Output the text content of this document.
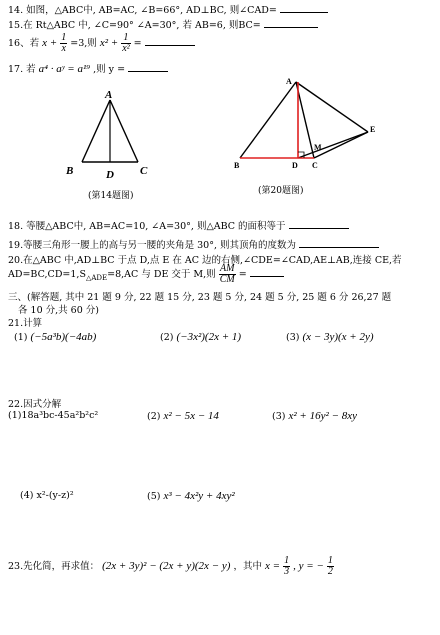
14. 如图，△ABC中, AB=AC, ∠B=66°, AD⊥BC, 则∠CAD=
15.在 Rt△ABC 中, ∠C=90° ∠A=30°, 若 AB=6, 则BC=
16、若 $x + \frac{1}{x} =3$,则 $x^2 + \frac{1}{\text{x²}}$ =
17. 若 a⁴ · aʸ = a¹⁹ ,则 y =
A
B	D C
(第14题图)
A
B	D C
M
E
(第20题图)
18. 等腰△ABC中, AB=AC=10, ∠A=30°, 则△ABC 的面积等于
19.等腰三角形一腰上的高与另一腰的夹角是 30°, 则其顶角的度数为
20.在△ABC 中,AD⊥BC 于点 D,点 E 在 AC 边的右侧,∠CDE=∠CAD,AE⊥AB,连接 CE,若
$AD=BC,CD=1,S_{\triangle ADE}=8,AC$ 与 DE 交于 M,则 $\frac{AM}{CM}$ =
三、(解答题, 其中 21 题 9 分, 22 题 15 分, 23 题 5 分, 24 题 5 分, 25 题 6 分 26,27 题
各 10 分,共 60 分)
21.计算
(1) (−5a³b)(−4ab)	(2) (−3x²)(2x + 1)	(3) (x − 3y)(x + 2y)
22.因式分解
(1)18a³bc-45a²b²c²	(2) x² − 5x − 14	(3) x² + 16y² − 8xy
(4) x²-(y-z)²	(5) x³ − 4x²y + 4xy²
23.先化简，再求值： (2x + 3y)² − (2x + y)(2x − y) ，其中 $x = \frac{1}{3}$ , y = − $\frac{1}{2}$
